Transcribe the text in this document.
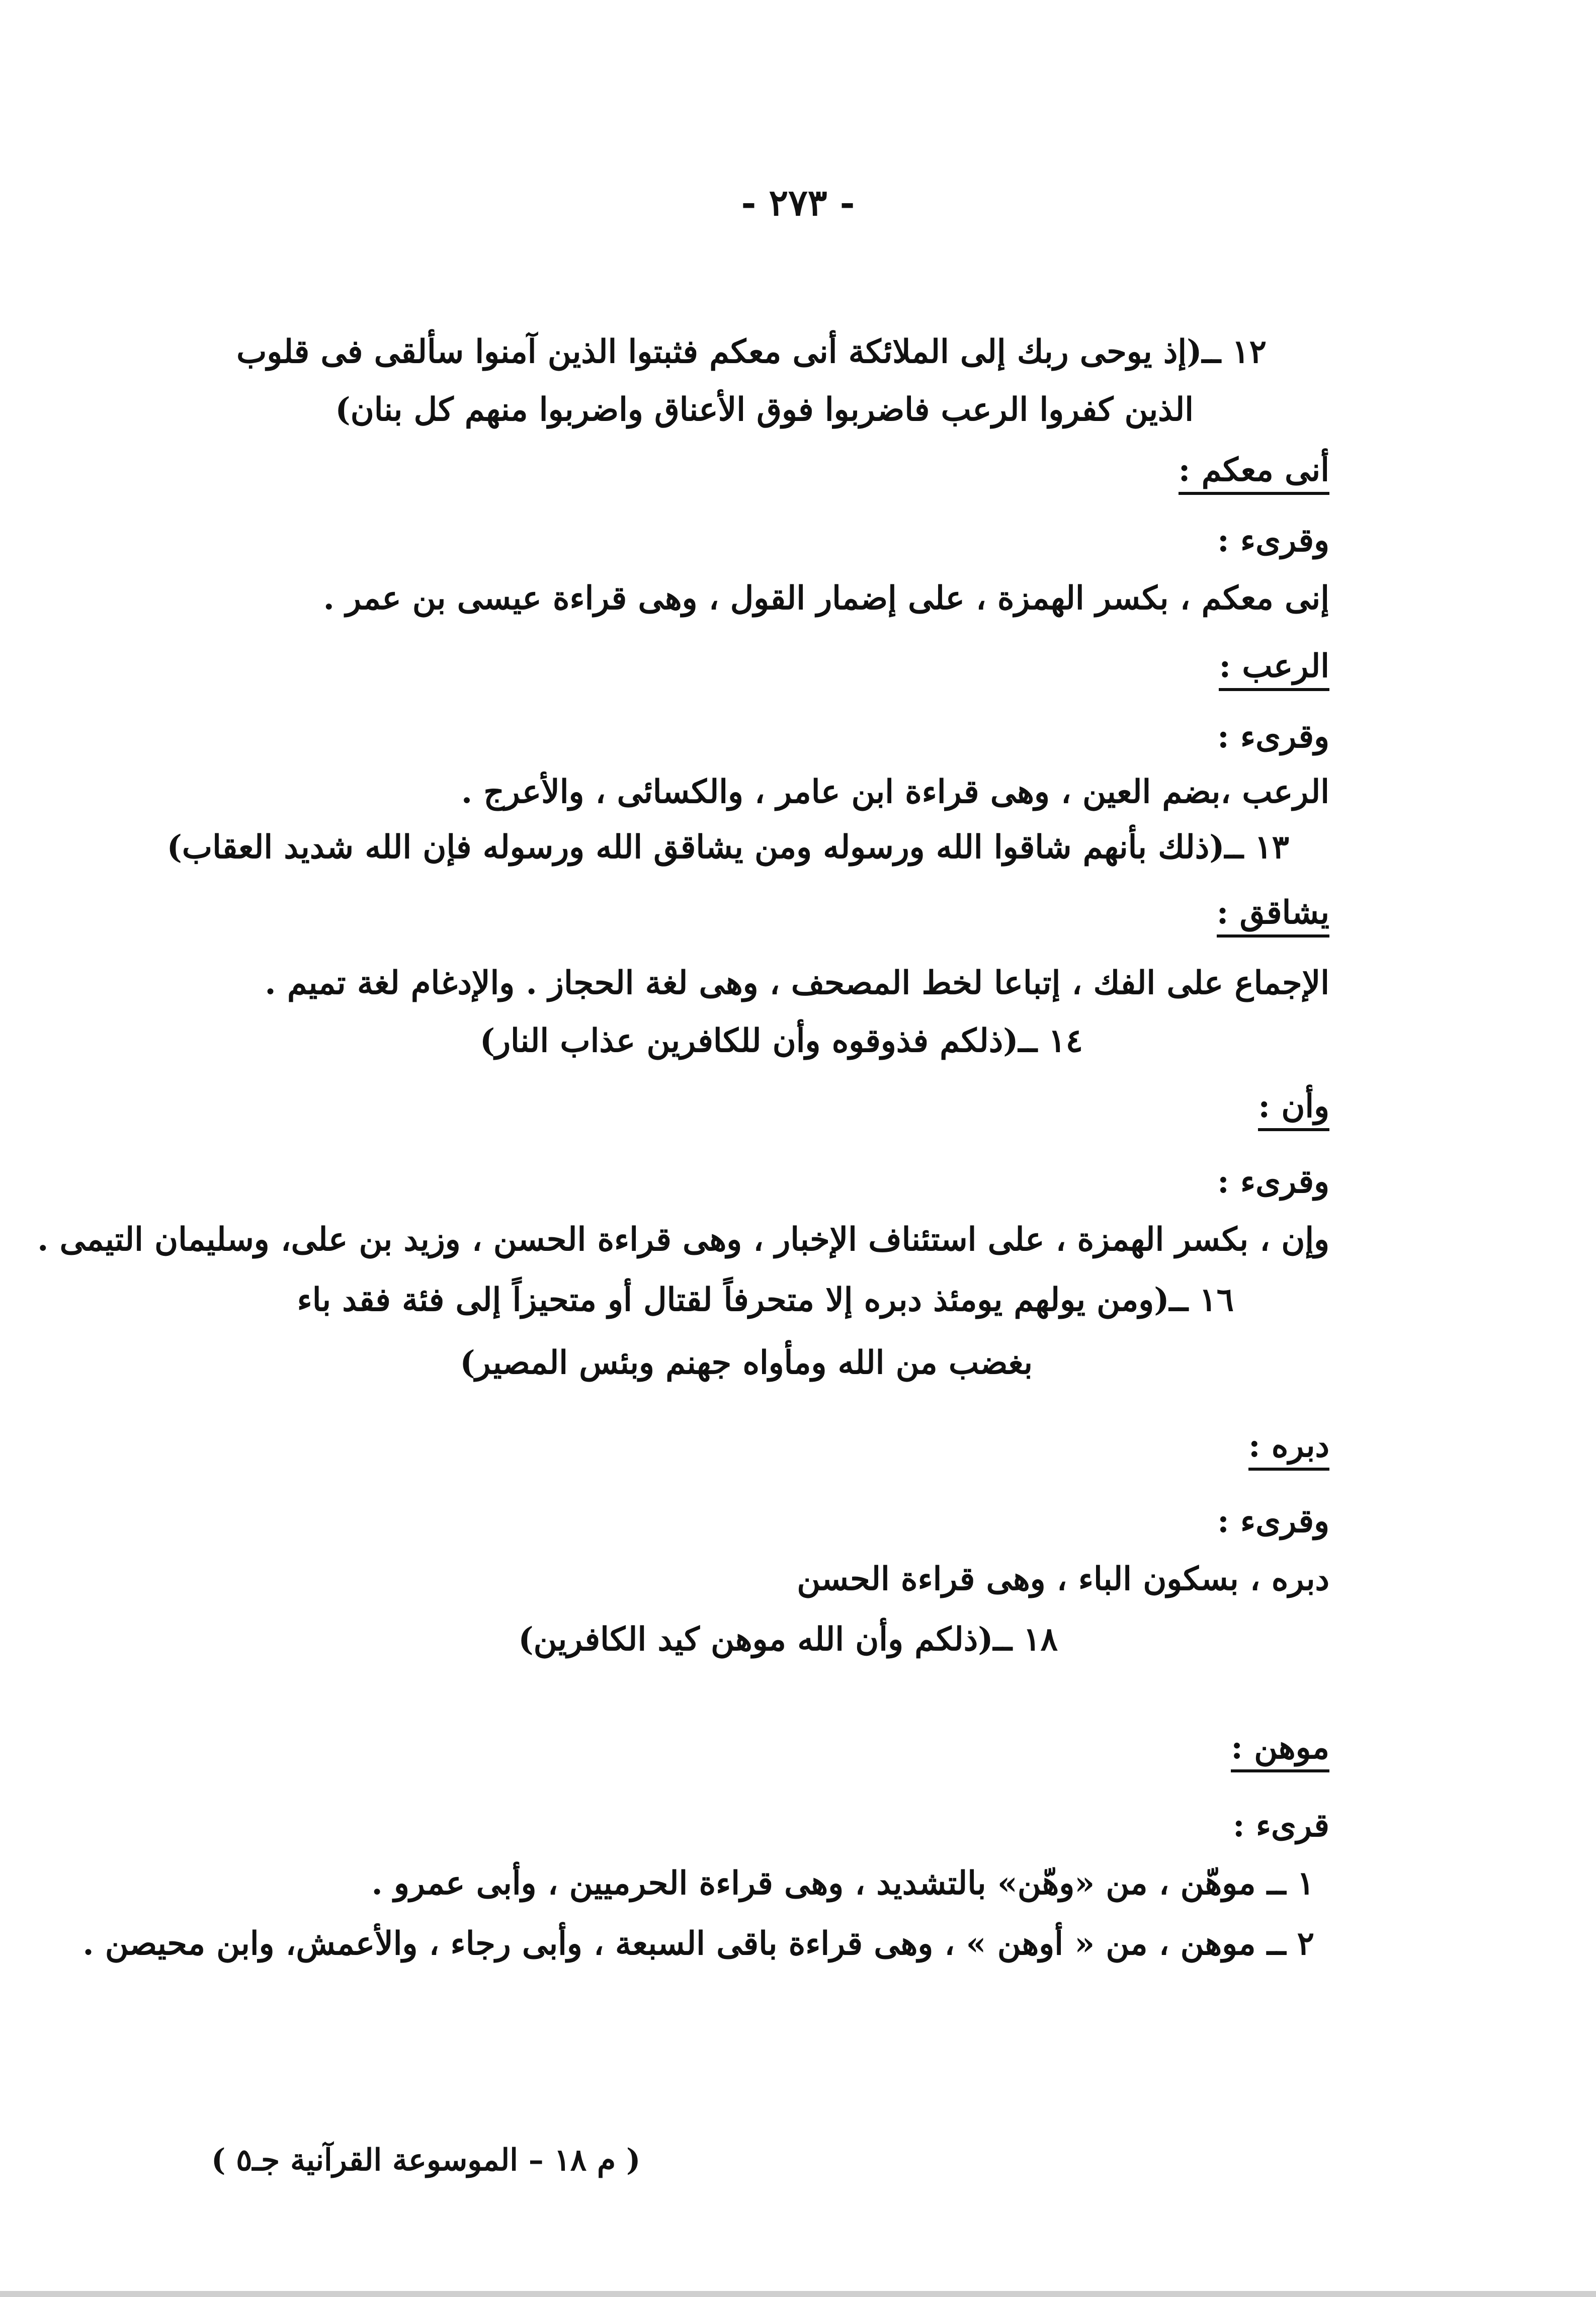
- ٢٧٣ -
١٢ ــ(إذ يوحى ربك إلى الملائكة أنى معكم فثبتوا الذين آمنوا سألقى فى قلوب
الذين كفروا الرعب فاضربوا فوق الأعناق واضربوا منهم كل بنان)
أنى معكم :
وقرىء :
إنى معكم ، بكسر الهمزة ، على إضمار القول ، وهى قراءة عيسى بن عمر .
الرعب :
وقرىء :
الرعب ،بضم العين ، وهى قراءة ابن عامر ، والكسائى ، والأعرج .
١٣ ــ(ذلك بأنهم شاقوا الله ورسوله ومن يشاقق الله ورسوله فإن الله شديد العقاب)
يشاقق :
الإجماع على الفك ، إتباعا لخط المصحف ، وهى لغة الحجاز . والإدغام لغة تميم .
١٤ ــ(ذلكم فذوقوه وأن للكافرين عذاب النار)
وأن :
وقرىء :
وإن ، بكسر الهمزة ، على استئناف الإخبار ، وهى قراءة الحسن ، وزيد بن على، وسليمان التيمى .
١٦ ــ(ومن يولهم يومئذ دبره إلا متحرفاً لقتال أو متحيزاً إلى فئة فقد باء
بغضب من الله ومأواه جهنم وبئس المصير)
دبره :
وقرىء :
دبره ، بسكون الباء ، وهى قراءة الحسن
١٨ ــ(ذلكم وأن الله موهن كيد الكافرين)
موهن :
قرىء :
١ ــ موهّن ، من «وهّن» بالتشديد ، وهى قراءة الحرميين ، وأبى عمرو .
٢ ــ موهن ، من « أوهن » ، وهى قراءة باقى السبعة ، وأبى رجاء ، والأعمش، وابن محيصن .
( م ١٨ – الموسوعة القرآنية جـ٥ )
